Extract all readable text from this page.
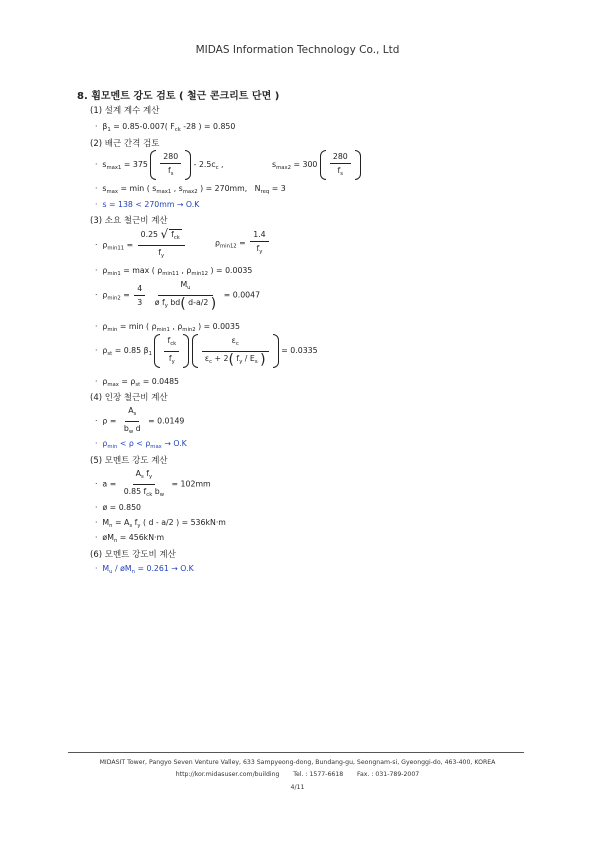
MIDAS Information Technology Co., Ltd
8. 휨모멘트 강도 검토 ( 철근 콘크리트 단면 )
(1) 설계 계수 계산
·  $\beta_1 = 0.85-0.007$( $F_{ck}$ -28 ) = 0.850
(2) 배근 간격 검토
·  $s_{max1} = 375 \frac{280}{f_s} - 2.5c_c$ ,	$s_{max2} = 300 \frac{280}{f_s}$
·  $s_{max} = \min$ ( $s_{max1}$ , $s_{max2}$ ) = 270mm,   $N_{req} = 3$
·  s = 138 < 270mm → O.K
(3) 소요 철근비 계산
·  $\rho_{min11} = \frac{0.25 √ f_{ck}}{f_y}$	$\rho_{min12} = \frac{1.4}{f_y}$
·  $\rho_{min1} = \max$ ( $\rho_{min11}$ , $\rho_{min12}$ ) = 0.0035
·  $\rho_{min2} = \frac{4}{3}$
$\frac{M_u}{ø f_y bd( d-a/2 )} = 0.0047$
·  $\rho_{min} = \min$ ( $\rho_{min1}$ , $\rho_{min2}$ ) = 0.0035
·  $\rho_{st} = 0.85$ $\beta_1 \frac{f_{ck}}{f_y}$
	$\frac{\varepsilon_c}{\varepsilon_c + 2( f_y / E_s )} = 0.0335$
·  $\rho_{max} = \rho_{st} = 0.0485$
(4) 인장 철근비 계산
·  $\rho = \frac{A_s}{b_w d} = 0.0149$
·  $\rho_{min} < \rho < \rho_{max} \to O.K$
(5) 모멘트 강도 계산
·  $a = \frac{A_s f_y}{0.85 f_{ck} b_w} = 102mm$
·  ø = 0.850
·  $M_n = A_s$ $f_y$ ( d - a/2 ) = 536kN·m
·  $øM_n = 456kN\cdot m$
(6) 모멘트 강도비 계산
·  $M_u$ / $øM_n = 0.261 \to O.K$
MIDASIT Tower, Pangyo Seven Venture Valley, 633 Sampyeong-dong, Bundang-gu, Seongnam-si, Gyeonggi-do, 463-400, KOREA
http://kor.midasuser.com/building Tel. : 1577-6618 Fax. : 031-789-2007
4/11
